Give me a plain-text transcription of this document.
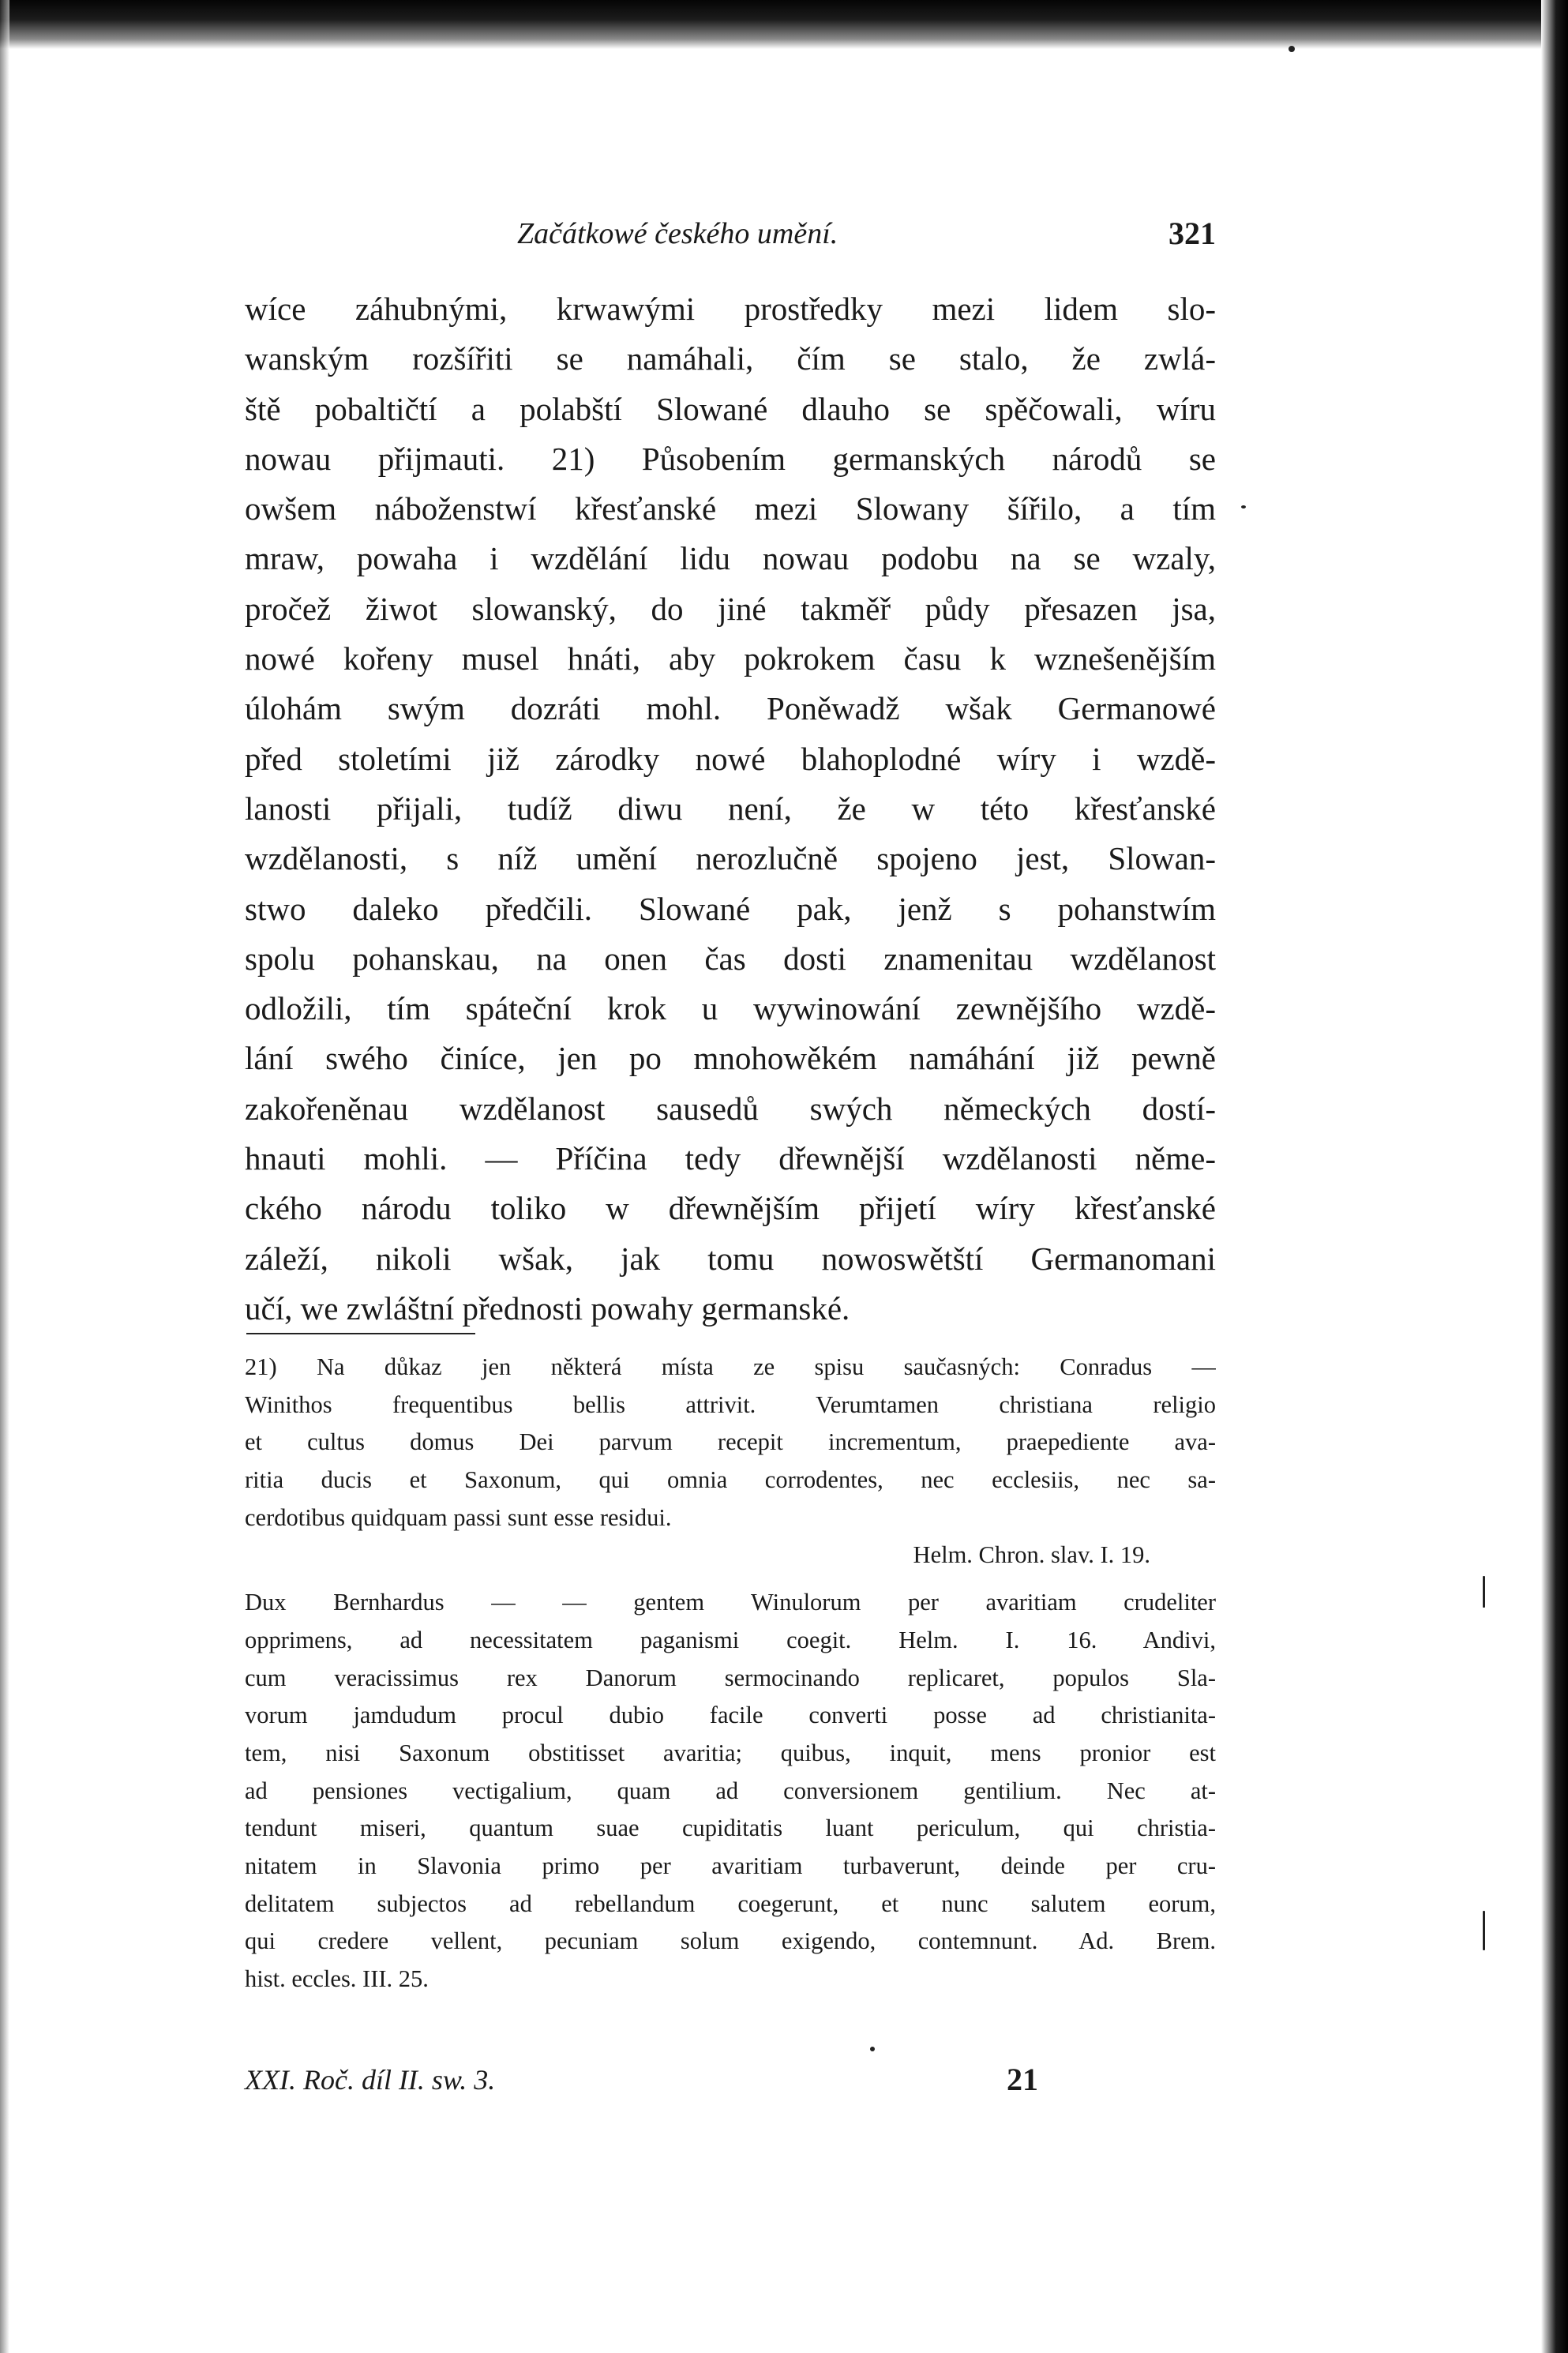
Začátkowé českého umění.	321
wíce záhubnými, krwawými prostředky mezi lidem slo-
wanským rozšířiti se namáhali, čím se stalo, že zwlá-
ště pobaltičtí a polabští Slowané dlauho se spěčowali, wíru
nowau přijmauti. 21) Působením germanských národů se
owšem náboženstwí křesťanské mezi Slowany šířilo, a tím
mraw, powaha i wzdělání lidu nowau podobu na se wzaly,
pročež žiwot slowanský, do jiné takměř půdy přesazen jsa,
nowé kořeny musel hnáti, aby pokrokem času k wznešenějším
úlohám swým dozráti mohl. Poněwadž wšak Germanowé
před stoletími již zárodky nowé blahoplodné wíry i wzdě-
lanosti přijali, tudíž diwu není, že w této křesťanské
wzdělanosti, s níž umění nerozlučně spojeno jest, Slowan-
stwo daleko předčili. Slowané pak, jenž s pohanstwím
spolu pohanskau, na onen čas dosti znamenitau wzdělanost
odložili, tím spáteční krok u wywinowání zewnějšího wzdě-
lání swého činíce, jen po mnohowěkém namáhání již pewně
zakořeněnau wzdělanost sausedů swých německých dostí-
hnauti mohli. — Příčina tedy dřewnější wzdělanosti něme-
ckého národu toliko w dřewnějším přijetí wíry křesťanské
záleží, nikoli wšak, jak tomu nowoswětští Germanomani
učí, we zwláštní přednosti powahy germanské.
21) Na důkaz jen některá místa ze spisu saučasných: Conradus —
Winithos frequentibus bellis attrivit. Verumtamen christiana religio
et cultus domus Dei parvum recepit incrementum, praepediente ava-
ritia ducis et Saxonum, qui omnia corrodentes, nec ecclesiis, nec sa-
cerdotibus quidquam passi sunt esse residui.
Helm. Chron. slav. I. 19.
Dux Bernhardus — — gentem Winulorum per avaritiam crudeliter
opprimens, ad necessitatem paganismi coegit. Helm. I. 16. Andivi,
cum veracissimus rex Danorum sermocinando replicaret, populos Sla-
vorum jamdudum procul dubio facile converti posse ad christianita-
tem, nisi Saxonum obstitisset avaritia; quibus, inquit, mens pronior est
ad pensiones vectigalium, quam ad conversionem gentilium. Nec at-
tendunt miseri, quantum suae cupiditatis luant periculum, qui christia-
nitatem in Slavonia primo per avaritiam turbaverunt, deinde per cru-
delitatem subjectos ad rebellandum coegerunt, et nunc salutem eorum,
qui credere vellent, pecuniam solum exigendo, contemnunt. Ad. Brem.
hist. eccles. III. 25.
XXI. Roč. díl II. sw. 3.	21
